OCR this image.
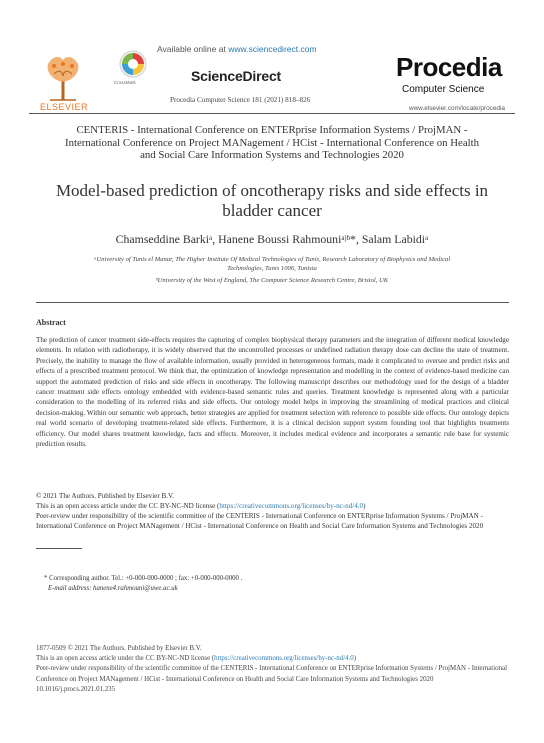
ELSEVIER
Available online at www.sciencedirect.com
CrossMark	ScienceDirect
Procedia Computer Science 181 (2021) 818–826
Procedia
Computer Science
www.elsevier.com/locate/procedia
CENTERIS - International Conference on ENTERprise Information Systems / ProjMAN -
International Conference on Project MANagement / HCist - International Conference on Health
and Social Care Information Systems and Technologies 2020
Model-based prediction of oncotherapy risks and side effects in
bladder cancer
Chamseddine Barkiᵃ, Hanene Boussi Rahmouniᵃʲᵇ*, Salam Labidiᵃ
ᵃUniversity of Tunis el Manar, The Higher Institute Of Medical Technologies of Tunis, Research Laboratory of Biophysics and Medical
Technologies, Tunis 1006, Tunisia
ᵇUniversity of the West of England, The Computer Science Research Centre, Bristol, UK
Abstract
The prediction of cancer treatment side-effects requires the capturing of complex biophysical therapy parameters and the integration of different medical knowledge elements. In relation with radiotherapy, it is widely observed that the uncontrolled processes or undefined radiation therapy dose can decline the state of treatment. Precisely, the inability to manage the flow of available information, usually provided in heterogeneous formats, made it complicated to oversee and predict risks and effects of a prescribed treatment protocol. We think that, the optimization of knowledge representation and modelling in the context of evidence-based medicine can support the automated prediction of risks and side effects in oncotherapy. The following manuscript describes our methodology used for the design of a bladder cancer treatment side effects ontology embedded with evidence-based semantic rules and queries. Treatment knowledge is represented along with a particular consideration to the modelling of its referred risks and side effects. Our ontology model helps in improving the streamlining of medical practices and clinical decision-making. Within our semantic web approach, better strategies are applied for treatment selection with reference to possible side effects. Our ontology depicts real world scenario of developing treatment-related side effects. Furthermore, it is a clinical decision support system founding tool that highlights treatments efficiency. Our model shares treatment knowledge, facts and effects. Moreover, it includes medical evidence and incorporates a semantic rule base for systemic prediction results.
© 2021 The Authors. Published by Elsevier B.V.
This is an open access article under the CC BY-NC-ND license (https://creativecommons.org/licenses/by-nc-nd/4.0)
Peer-review under responsibility of the scientific committee of the CENTERIS - International Conference on ENTERprise Information Systems / ProjMAN - International Conference on Project MANagement / HCist - International Conference on Health and Social Care Information Systems and Technologies 2020
* Corresponding author. Tel.: +0-000-000-0000 ; fax: +0-000-000-0000 .
E-mail address: hanene4.rahmouni@uwe.ac.uk
1877-0509 © 2021 The Authors. Published by Elsevier B.V.
This is an open access article under the CC BY-NC-ND license (https://creativecommons.org/licenses/by-nc-nd/4.0)
Peer-review under responsibility of the scientific committee of the CENTERIS - International Conference on ENTERprise Information Systems / ProjMAN - International Conference on Project MANagement / HCist - International Conference on Health and Social Care Information Systems and Technologies 2020
10.1016/j.procs.2021.01.235
